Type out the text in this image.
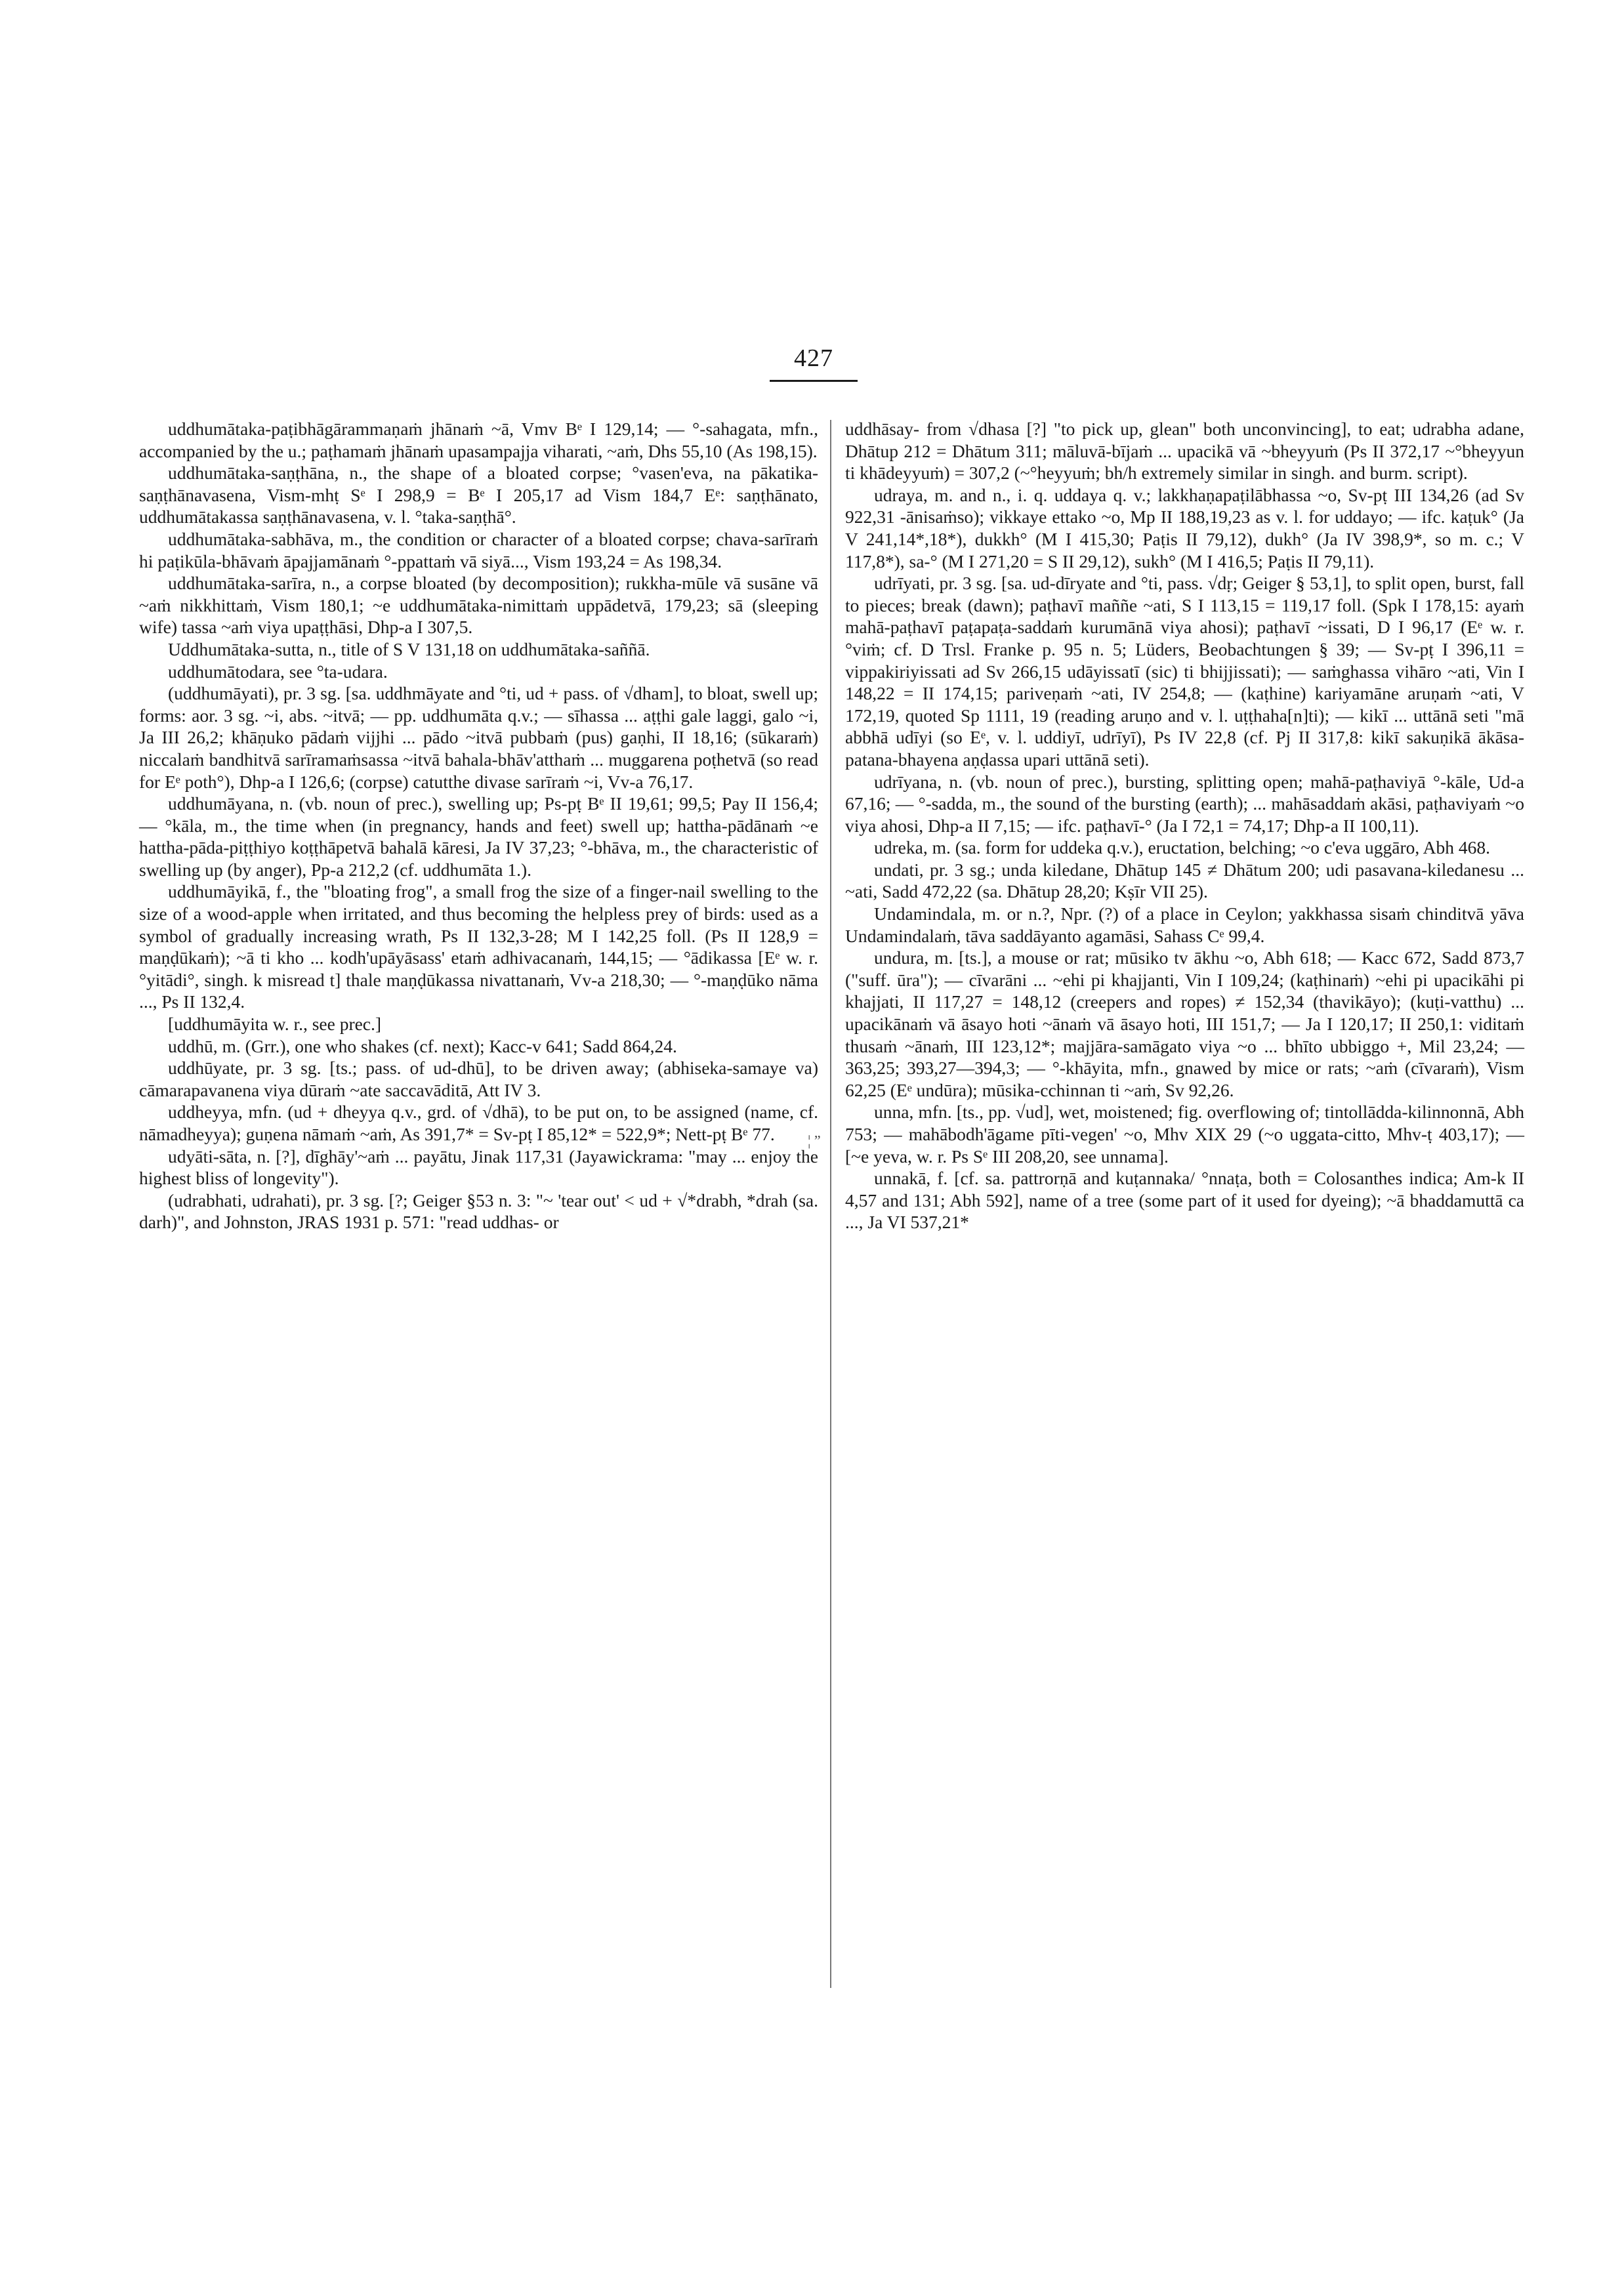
427

uddhumātaka-paṭibhāgārammaṇaṁ jhānaṁ ~ā, Vmv Bᵉ I 129,14; — °-sahagata, mfn., accompanied by the u.; paṭhamaṁ jhānaṁ upasampajja viharati, ~aṁ, Dhs 55,10 (As 198,15).

uddhumātaka-saṇṭhāna, n., the shape of a bloated corpse; °vasen'eva, na pākatika-saṇṭhānavasena, Vism-mhṭ Sᵉ I 298,9 = Bᵉ I 205,17 ad Vism 184,7 Eᵉ: saṇṭhānato, uddhumātakassa saṇṭhānavasena, v. l. °taka-saṇṭhā°.

uddhumātaka-sabhāva, m., the condition or character of a bloated corpse; chava-sarīraṁ hi paṭikūla-bhāvaṁ āpajjamānaṁ °-ppattaṁ vā siyā..., Vism 193,24 = As 198,34.

uddhumātaka-sarīra, n., a corpse bloated (by decomposition); rukkha-mūle vā susāne vā ~aṁ nikkhittaṁ, Vism 180,1; ~e uddhumātaka-nimittaṁ uppādetvā, 179,23; sā (sleeping wife) tassa ~aṁ viya upaṭṭhāsi, Dhp-a I 307,5.

Uddhumātaka-sutta, n., title of S V 131,18 on uddhumātaka-saññā.

uddhumātodara, see °ta-udara.

(uddhumāyati), pr. 3 sg. [sa. uddhmāyate and °ti, ud + pass. of √dham], to bloat, swell up; forms: aor. 3 sg. ~i, abs. ~itvā; — pp. uddhumāta q.v.; — sīhassa ... aṭṭhi gale laggi, galo ~i, Ja III 26,2; khāṇuko pādaṁ vijjhi ... pādo ~itvā pubbaṁ (pus) gaṇhi, II 18,16; (sūkaraṁ) niccalaṁ bandhitvā sarīramaṁsassa ~itvā bahala-bhāv'atthaṁ ... muggarena poṭhetvā (so read for Eᵉ poth°), Dhp-a I 126,6; (corpse) catutthe divase sarīraṁ ~i, Vv-a 76,17.

uddhumāyana, n. (vb. noun of prec.), swelling up; Ps-pṭ Bᵉ II 19,61; 99,5; Pay II 156,4; — °kāla, m., the time when (in pregnancy, hands and feet) swell up; hattha-pādānaṁ ~e hattha-pāda-piṭṭhiyo koṭṭhāpetvā bahalā kāresi, Ja IV 37,23; °-bhāva, m., the characteristic of swelling up (by anger), Pp-a 212,2 (cf. uddhumāta 1.).

uddhumāyikā, f., the "bloating frog", a small frog the size of a finger-nail swelling to the size of a wood-apple when irritated, and thus becoming the helpless prey of birds: used as a symbol of gradually increasing wrath, Ps II 132,3-28; M I 142,25 foll. (Ps II 128,9 = maṇḍūkaṁ); ~ā ti kho ... kodh'upāyāsass' etaṁ adhivacanaṁ, 144,15; — °ādikassa [Eᵉ w. r. °yitādi°, singh. k misread t] thale maṇḍūkassa nivattanaṁ, Vv-a 218,30; — °-maṇḍūko nāma ..., Ps II 132,4.

[uddhumāyita w. r., see prec.]

uddhū, m. (Grr.), one who shakes (cf. next); Kacc-v 641; Sadd 864,24.

uddhūyate, pr. 3 sg. [ts.; pass. of ud-dhū], to be driven away; (abhiseka-samaye va) cāmarapavanena viya dūraṁ ~ate saccavāditā, Att IV 3.

uddheyya, mfn. (ud + dheyya q.v., grd. of √dhā), to be put on, to be assigned (name, cf. nāmadheyya); guṇena nāmaṁ ~aṁ, As 391,7* = Sv-pṭ I 85,12* = 522,9*; Nett-pṭ Bᵉ 77.

udyāti-sāta, n. [?], dīghāy'~aṁ ... payātu, Jinak 117,31 (Jayawickrama: "may ... enjoy the highest bliss of longevity").

(udrabhati, udrahati), pr. 3 sg. [?; Geiger §53 n. 3: "~ 'tear out' < ud + √*drabh, *drah (sa. darh)", and Johnston, JRAS 1931 p. 571: "read uddhas- or

¦ ˮ

uddhāsay- from √dhasa [?] "to pick up, glean" both unconvincing], to eat; udrabha adane, Dhātup 212 = Dhātum 311; māluvā-bījaṁ ... upacikā vā ~bheyyuṁ (Ps II 372,17 ~°bheyyun ti khādeyyuṁ) = 307,2 (~°heyyuṁ; bh/h extremely similar in singh. and burm. script).

udraya, m. and n., i. q. uddaya q. v.; lakkhaṇapaṭilābhassa ~o, Sv-pṭ III 134,26 (ad Sv 922,31 -ānisaṁso); vikkaye ettako ~o, Mp II 188,19,23 as v. l. for uddayo; — ifc. kaṭuk° (Ja V 241,14*,18*), dukkh° (M I 415,30; Paṭis II 79,12), dukh° (Ja IV 398,9*, so m. c.; V 117,8*), sa-° (M I 271,20 = S II 29,12), sukh° (M I 416,5; Paṭis II 79,11).

udrīyati, pr. 3 sg. [sa. ud-dīryate and °ti, pass. √dṛ; Geiger § 53,1], to split open, burst, fall to pieces; break (dawn); paṭhavī maññe ~ati, S I 113,15 = 119,17 foll. (Spk I 178,15: ayaṁ mahā-paṭhavī paṭapaṭa-saddaṁ kurumānā viya ahosi); paṭhavī ~issati, D I 96,17 (Eᵉ w. r. °viṁ; cf. D Trsl. Franke p. 95 n. 5; Lüders, Beobachtungen § 39; — Sv-pṭ I 396,11 = vippakiriyissati ad Sv 266,15 udāyissatī (sic) ti bhijjissati); — saṁghassa vihāro ~ati, Vin I 148,22 = II 174,15; pariveṇaṁ ~ati, IV 254,8; — (kaṭhine) kariyamāne aruṇaṁ ~ati, V 172,19, quoted Sp 1111, 19 (reading aruṇo and v. l. uṭṭhaha[n]ti); — kikī ... uttānā seti "mā abbhā udīyi (so Eᵉ, v. l. uddiyī, udrīyī), Ps IV 22,8 (cf. Pj II 317,8: kikī sakuṇikā ākāsa-patana-bhayena aṇḍassa upari uttānā seti).

udrīyana, n. (vb. noun of prec.), bursting, splitting open; mahā-paṭhaviyā °-kāle, Ud-a 67,16; — °-sadda, m., the sound of the bursting (earth); ... mahāsaddaṁ akāsi, paṭhaviyaṁ ~o viya ahosi, Dhp-a II 7,15; — ifc. paṭhavī-° (Ja I 72,1 = 74,17; Dhp-a II 100,11).

udreka, m. (sa. form for uddeka q.v.), eructation, belching; ~o c'eva uggāro, Abh 468.

undati, pr. 3 sg.; unda kiledane, Dhātup 145 ≠ Dhātum 200; udi pasavana-kiledanesu ... ~ati, Sadd 472,22 (sa. Dhātup 28,20; Kṣīr VII 25).

Undamindala, m. or n.?, Npr. (?) of a place in Ceylon; yakkhassa sisaṁ chinditvā yāva Undamindalaṁ, tāva saddāyanto agamāsi, Sahass Cᵉ 99,4.

undura, m. [ts.], a mouse or rat; mūsiko tv ākhu ~o, Abh 618; — Kacc 672, Sadd 873,7 ("suff. ūra"); — cīvarāni ... ~ehi pi khajjanti, Vin I 109,24; (kaṭhinaṁ) ~ehi pi upacikāhi pi khajjati, II 117,27 = 148,12 (creepers and ropes) ≠ 152,34 (thavikāyo); (kuṭi-vatthu) ... upacikānaṁ vā āsayo hoti ~ānaṁ vā āsayo hoti, III 151,7; — Ja I 120,17; II 250,1: viditaṁ thusaṁ ~ānaṁ, III 123,12*; majjāra-samāgato viya ~o ... bhīto ubbiggo +, Mil 23,24; — 363,25; 393,27—394,3; — °-khāyita, mfn., gnawed by mice or rats; ~aṁ (cīvaraṁ), Vism 62,25 (Eᵉ undūra); mūsika-cchinnan ti ~aṁ, Sv 92,26.

unna, mfn. [ts., pp. √ud], wet, moistened; fig. overflowing of; tintollādda-kilinnonnā, Abh 753; — mahābodh'āgame pīti-vegen' ~o, Mhv XIX 29 (~o uggata-citto, Mhv-ṭ 403,17); — [~e yeva, w. r. Ps Sᵉ III 208,20, see unnama].

unnakā, f. [cf. sa. pattrorṇā and kuṭannaka/ °nnaṭa, both = Colosanthes indica; Am-k II 4,57 and 131; Abh 592], name of a tree (some part of it used for dyeing); ~ā bhaddamuttā ca ..., Ja VI 537,21*
